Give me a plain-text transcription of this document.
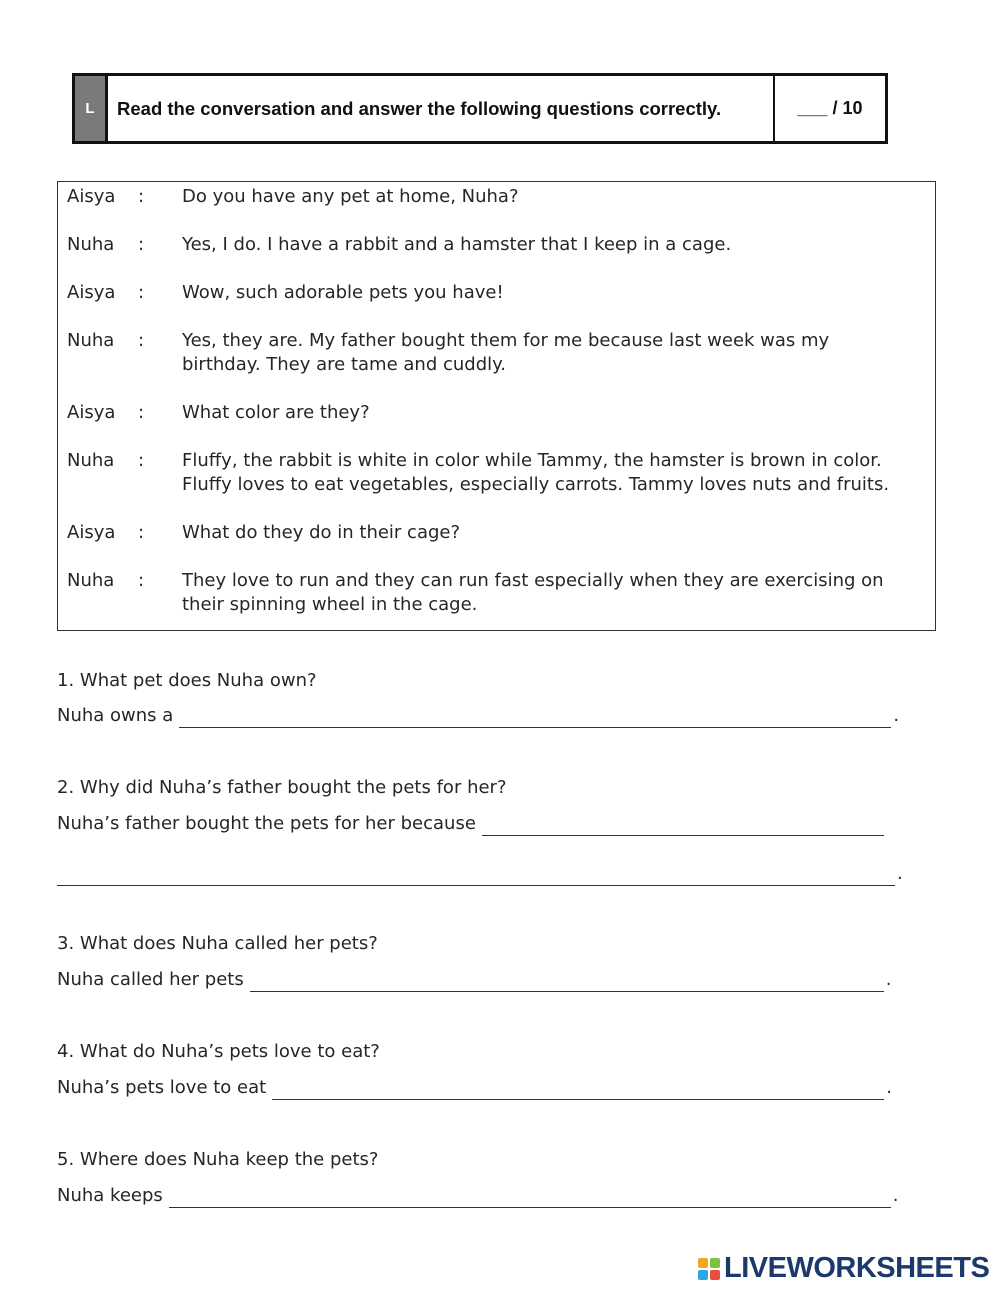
L	Read the conversation and answer the following questions correctly.	___ / 10
Aisya	:	Do you have any pet at home, Nuha?
Nuha	:	Yes, I do. I have a rabbit and a hamster that I keep in a cage.
Aisya	:	Wow, such adorable pets you have!
Nuha	:	Yes, they are. My father bought them for me because last week was my
birthday. They are tame and cuddly.
Aisya	:	What color are they?
Nuha	:	Fluffy, the rabbit is white in color while Tammy, the hamster is brown in color.
Fluffy loves to eat vegetables, especially carrots. Tammy loves nuts and fruits.
Aisya	:	What do they do in their cage?
Nuha	:	They love to run and they can run fast especially when they are exercising on
their spinning wheel in the cage.
1. What pet does Nuha own?
Nuha owns a	.
2. Why did Nuha’s father bought the pets for her?
Nuha’s father bought the pets for her because
.
3. What does Nuha called her pets?
Nuha called her pets	.
4. What do Nuha’s pets love to eat?
Nuha’s pets love to eat	.
5. Where does Nuha keep the pets?
Nuha keeps	.
LIVEWORKSHEETS
